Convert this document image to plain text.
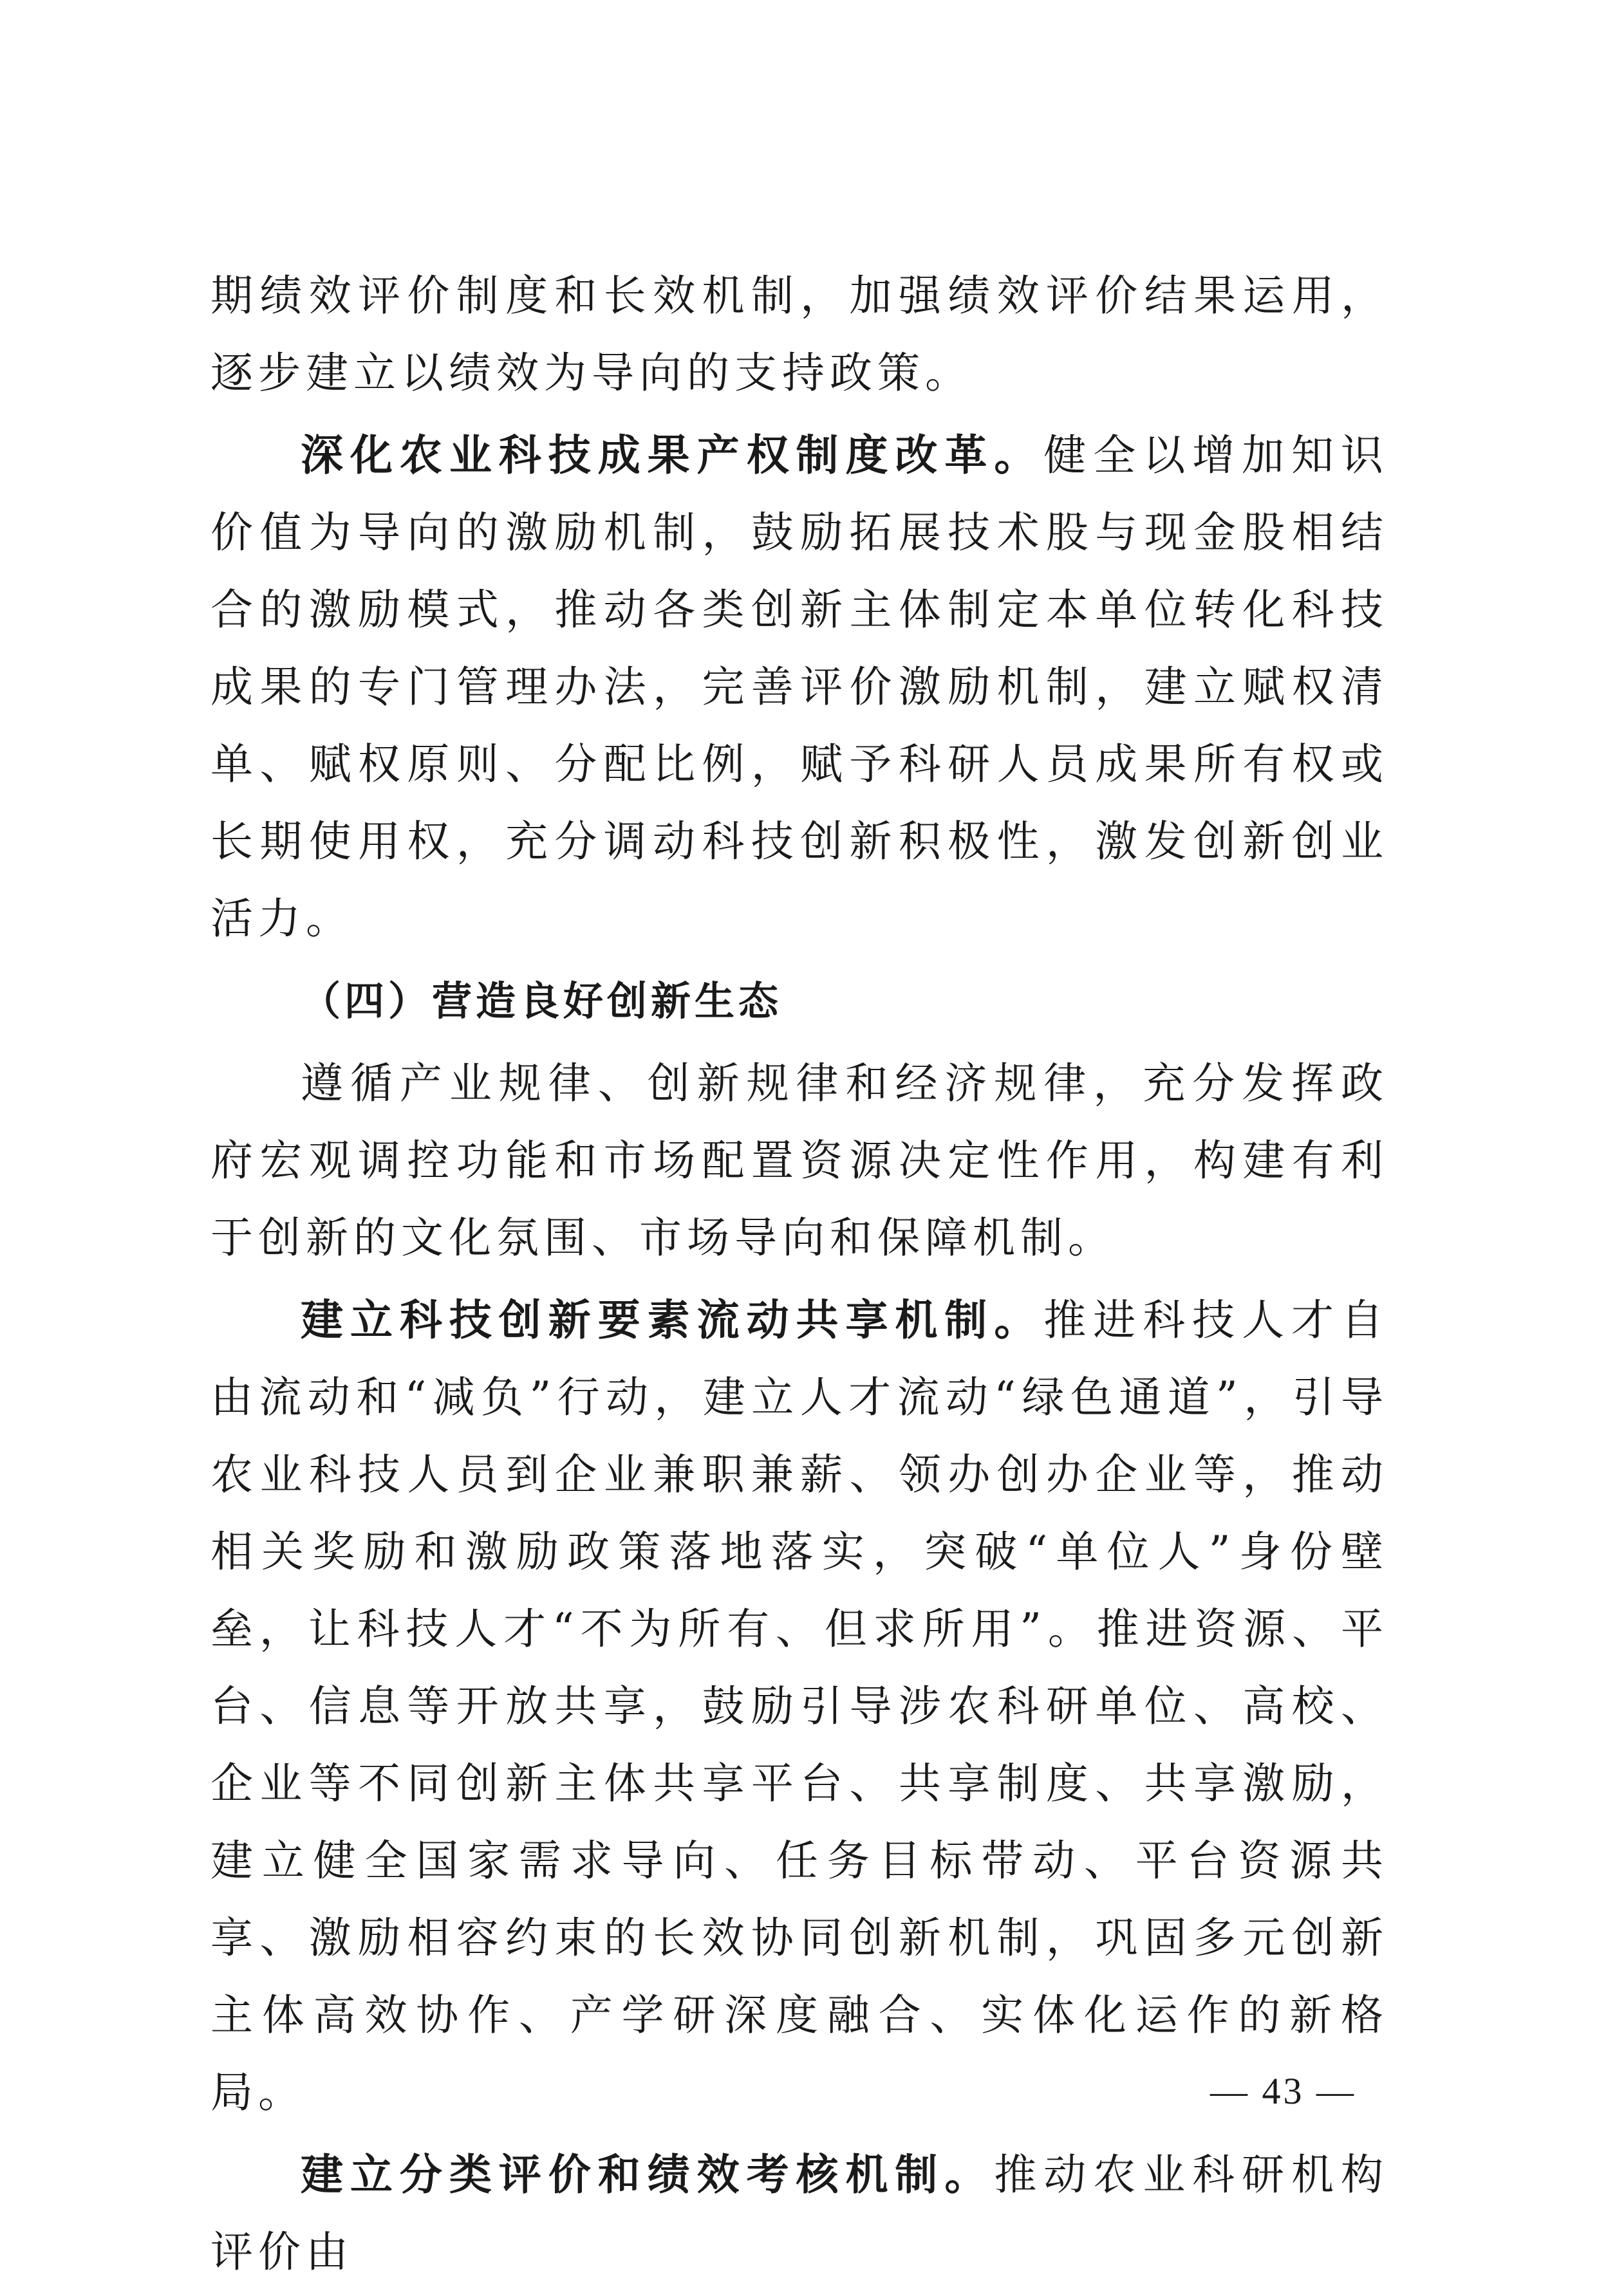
期绩效评价制度和长效机制，加强绩效评价结果运用，逐步建立以绩效为导向的支持政策。

深化农业科技成果产权制度改革。健全以增加知识价值为导向的激励机制，鼓励拓展技术股与现金股相结合的激励模式，推动各类创新主体制定本单位转化科技成果的专门管理办法，完善评价激励机制，建立赋权清单、赋权原则、分配比例，赋予科研人员成果所有权或长期使用权，充分调动科技创新积极性，激发创新创业活力。

（四）营造良好创新生态

遵循产业规律、创新规律和经济规律，充分发挥政府宏观调控功能和市场配置资源决定性作用，构建有利于创新的文化氛围、市场导向和保障机制。

建立科技创新要素流动共享机制。推进科技人才自由流动和“减负”行动，建立人才流动“绿色通道”，引导农业科技人员到企业兼职兼薪、领办创办企业等，推动相关奖励和激励政策落地落实，突破“单位人”身份壁垒，让科技人才“不为所有、但求所用”。推进资源、平台、信息等开放共享，鼓励引导涉农科研单位、高校、企业等不同创新主体共享平台、共享制度、共享激励，建立健全国家需求导向、任务目标带动、平台资源共享、激励相容约束的长效协同创新机制，巩固多元创新主体高效协作、产学研深度融合、实体化运作的新格局。

建立分类评价和绩效考核机制。推动农业科研机构评价由

— 43 —
